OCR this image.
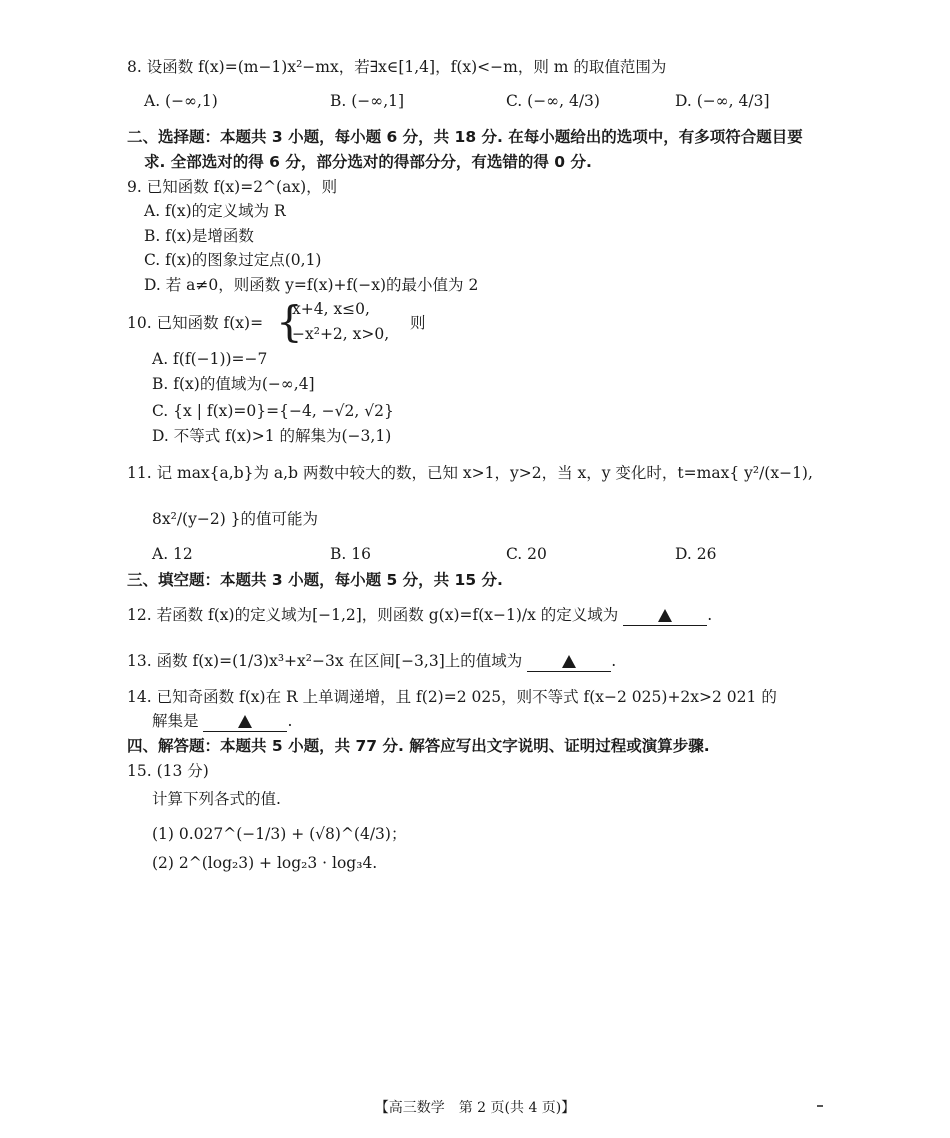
8. 设函数 f(x)=(m−1)x²−mx，若∃x∈[1,4]，f(x)<−m，则 m 的取值范围为
A. (−∞,1)	B. (−∞,1]	C. (−∞, 4/3)	D. (−∞, 4/3]
二、选择题：本题共 3 小题，每小题 6 分，共 18 分. 在每小题给出的选项中，有多项符合题目要
求. 全部选对的得 6 分，部分选对的得部分分，有选错的得 0 分.
9. 已知函数 f(x)=2^(ax)，则
A. f(x)的定义域为 R
B. f(x)是增函数
C. f(x)的图象过定点(0,1)
D. 若 a≠0，则函数 y=f(x)+f(−x)的最小值为 2
10. 已知函数 f(x)= {
x+4, x≤0,
−x²+2, x>0,
则
A. f(f(−1))=−7
B. f(x)的值域为(−∞,4]
C. {x | f(x)=0}={−4, −√2, √2}
D. 不等式 f(x)>1 的解集为(−3,1)
11. 记 max{a,b}为 a,b 两数中较大的数，已知 x>1，y>2，当 x，y 变化时，t=max{ y²/(x−1),
8x²/(y−2) }的值可能为
A. 12	B. 16	C. 20	D. 26
三、填空题：本题共 3 小题，每小题 5 分，共 15 分.
12. 若函数 f(x)的定义域为[−1,2]，则函数 g(x)=f(x−1)/x 的定义域为	.
13. 函数 f(x)=(1/3)x³+x²−3x 在区间[−3,3]上的值域为	.
14. 已知奇函数 f(x)在 R 上单调递增，且 f(2)=2 025，则不等式 f(x−2 025)+2x>2 021 的
解集是	.
四、解答题：本题共 5 小题，共 77 分. 解答应写出文字说明、证明过程或演算步骤.
15. (13 分)
计算下列各式的值.
(1) 0.027^(−1/3) + (√8)^(4/3)；
(2) 2^(log₂3) + log₂3 · log₃4.
【高三数学　第 2 页(共 4 页)】
